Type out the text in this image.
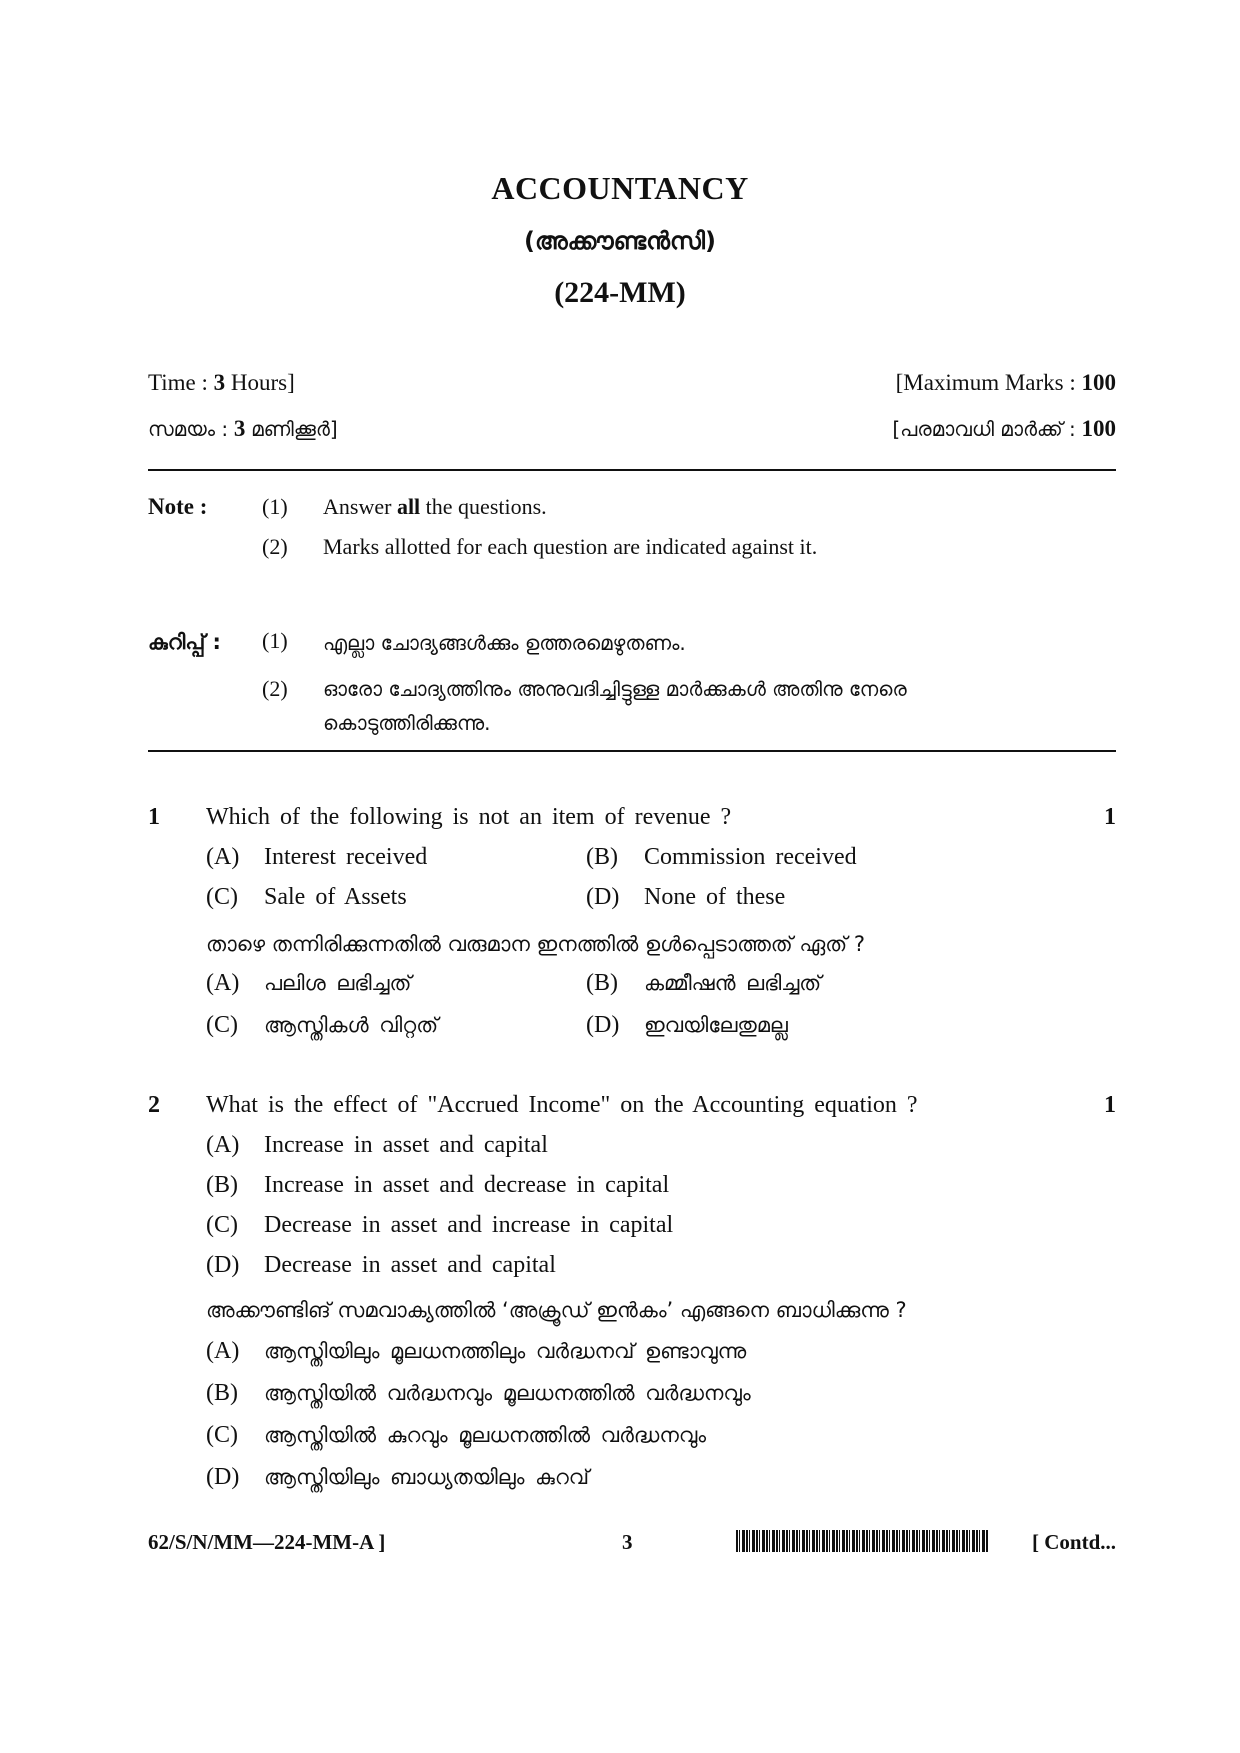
ACCOUNTANCY
(അക്കൗണ്ടൻസി)
(224-MM)
Time : 3 Hours]	[Maximum Marks : 100
സമയം : 3 മണിക്കൂർ]	[പരമാവധി മാർക്ക് : 100
Note : (1) Answer all the questions.
(2) Marks allotted for each question are indicated against it.
കുറിപ്പ് : (1) എല്ലാ ചോദ്യങ്ങൾക്കും ഉത്തരമെഴുതണം.
(2) ഓരോ ചോദ്യത്തിനും അനുവദിച്ചിട്ടുള്ള മാർക്കുകൾ അതിനു നേരെ കൊടുത്തിരിക്കുന്നു.
1 Which of the following is not an item of revenue ?	1
(A) Interest received	(B) Commission received
(C) Sale of Assets	(D) None of these
താഴെ തന്നിരിക്കുന്നതിൽ വരുമാന ഇനത്തിൽ ഉൾപ്പെടാത്തത് ഏത് ?
(A) പലിശ ലഭിച്ചത്	(B) കമ്മീഷൻ ലഭിച്ചത്
(C) ആസ്തികൾ വിറ്റത്	(D) ഇവയിലേതുമല്ല
2 What is the effect of "Accrued Income" on the Accounting equation ?	1
(A) Increase in asset and capital
(B) Increase in asset and decrease in capital
(C) Decrease in asset and increase in capital
(D) Decrease in asset and capital
അക്കൗണ്ടിങ് സമവാക്യത്തിൽ ‘അക്രൂഡ് ഇൻകം’ എങ്ങനെ ബാധിക്കുന്നു ?
(A) ആസ്തിയിലും മൂലധനത്തിലും വർദ്ധനവ് ഉണ്ടാവുന്നു
(B) ആസ്തിയിൽ വർദ്ധനവും മൂലധനത്തിൽ വർദ്ധനവും
(C) ആസ്തിയിൽ കുറവും മൂലധനത്തിൽ വർദ്ധനവും
(D) ആസ്തിയിലും ബാധ്യതയിലും കുറവ്
62/S/N/MM—224-MM-A ]	3	[ Contd...
